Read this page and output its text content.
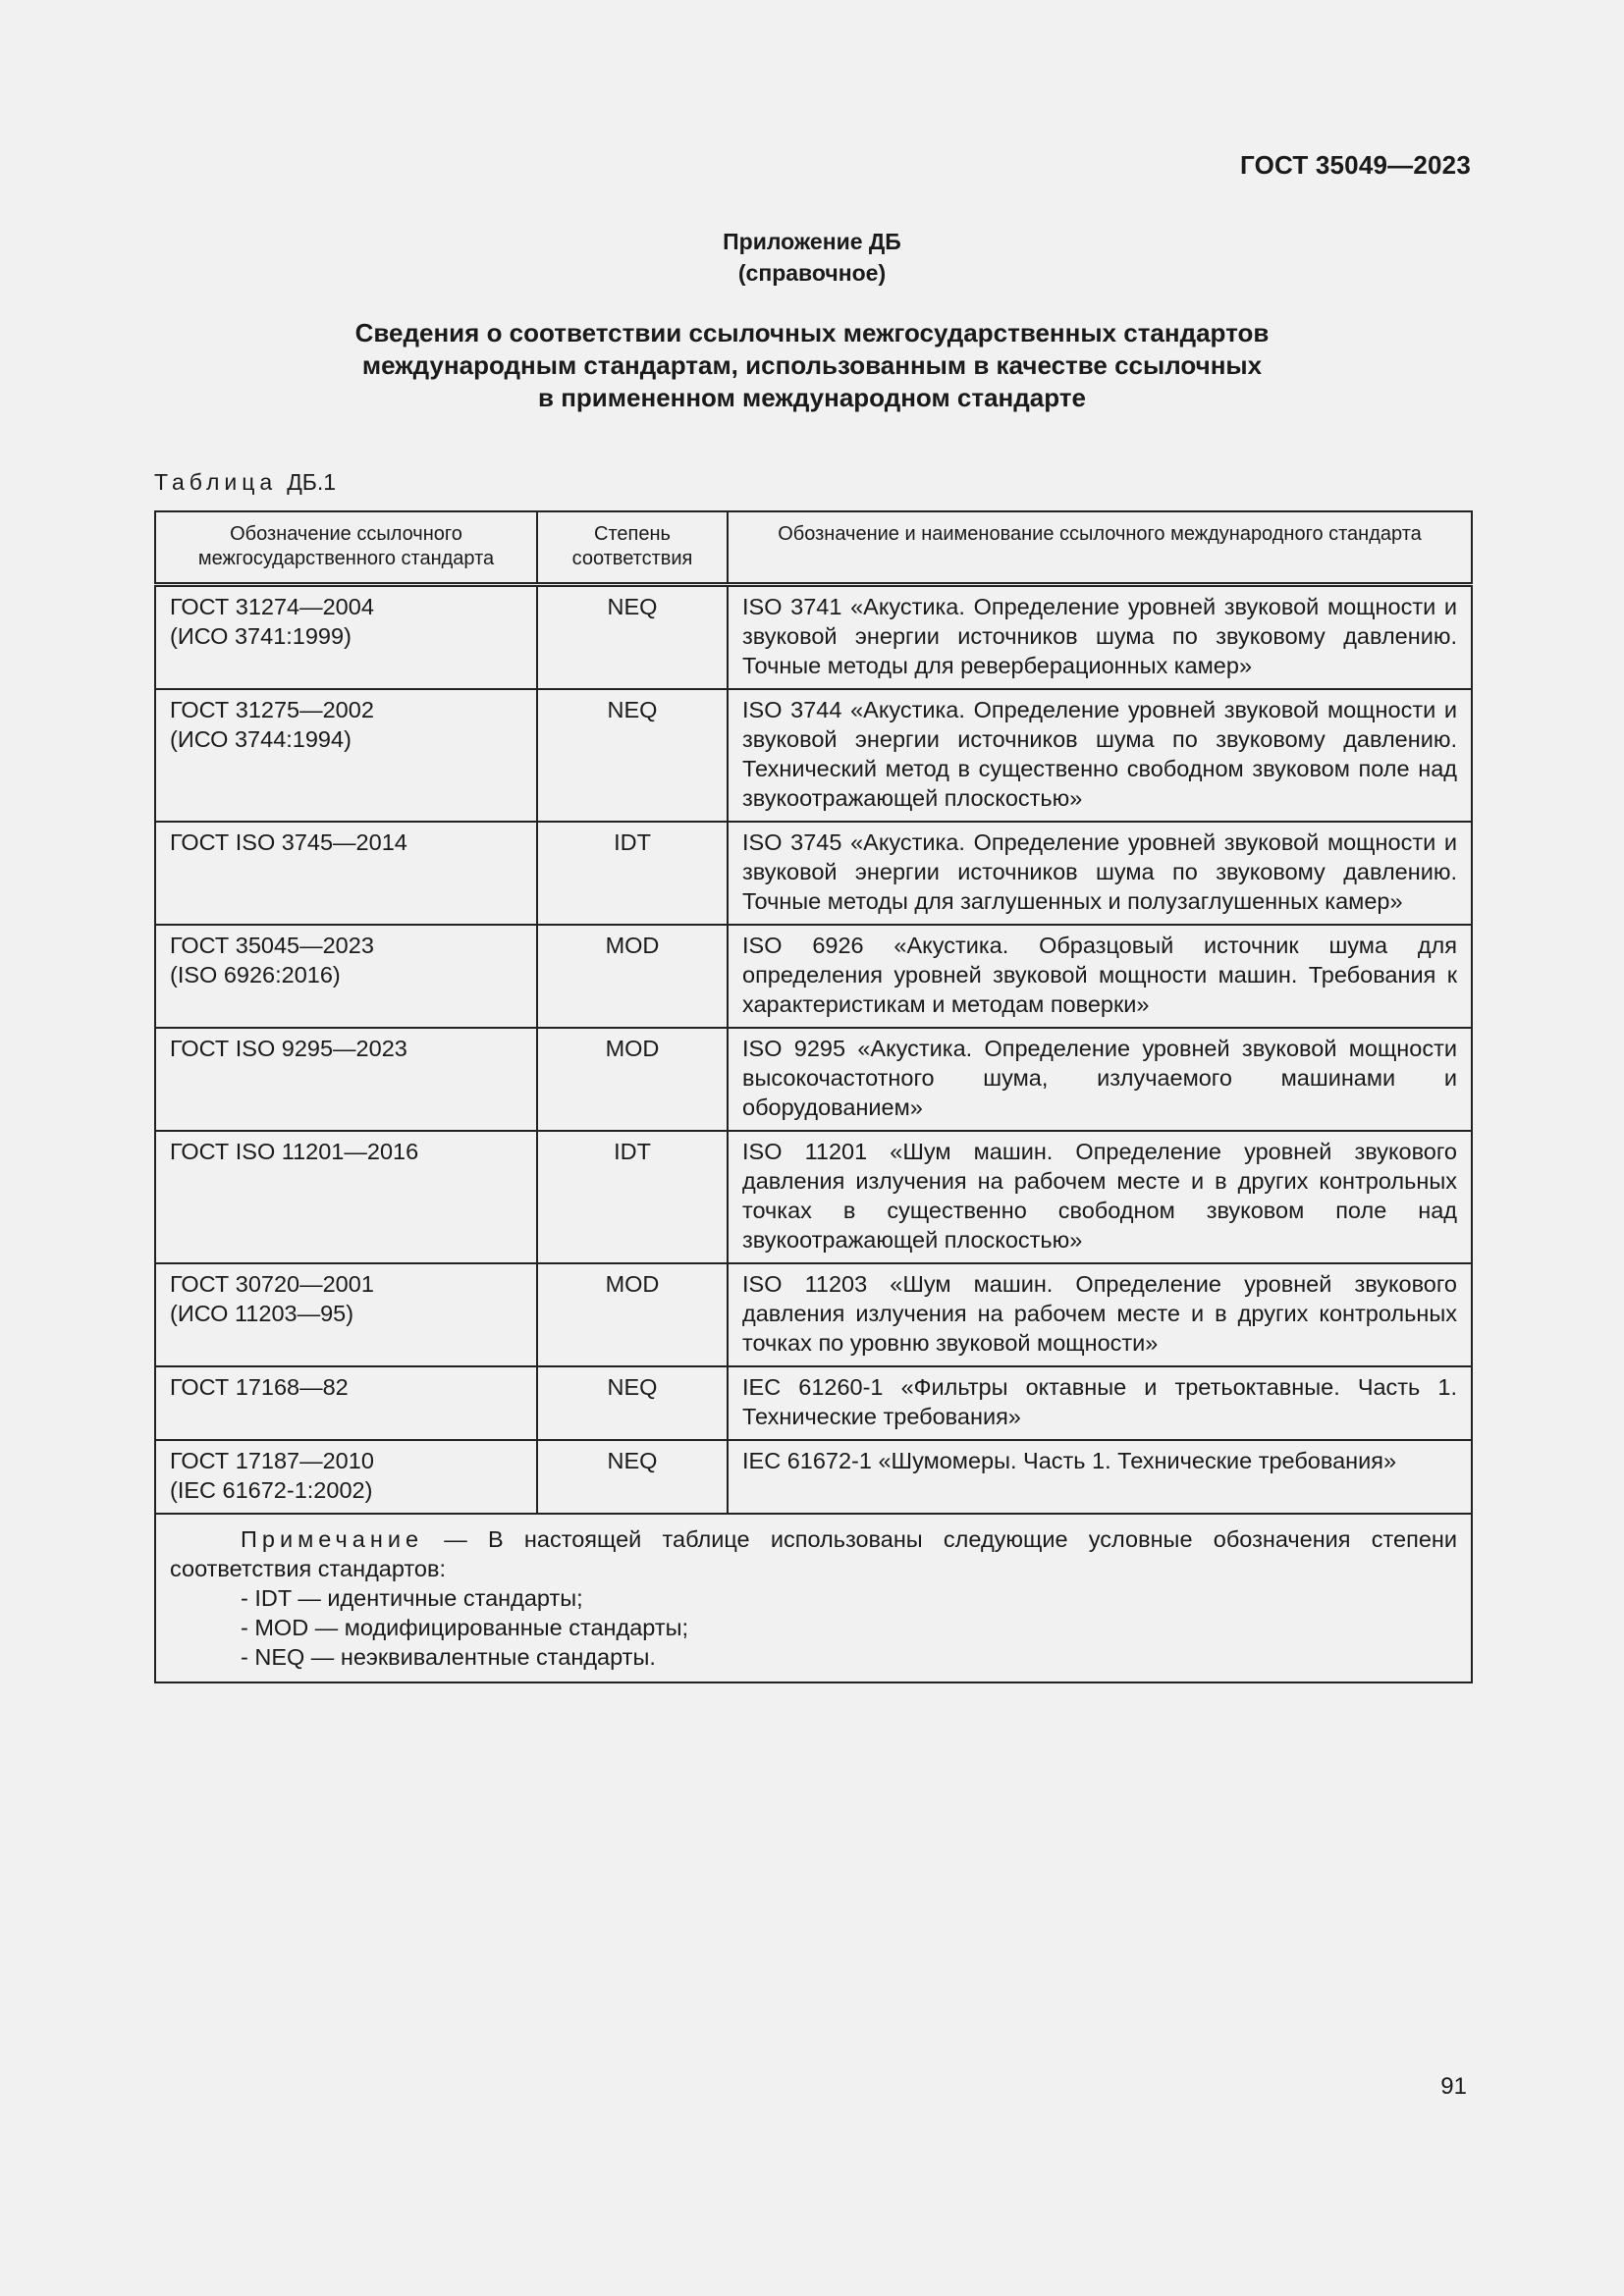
ГОСТ 35049—2023
Приложение ДБ
(справочное)
Сведения о соответствии ссылочных межгосударственных стандартов
международным стандартам, использованным в качестве ссылочных
в примененном международном стандарте
Таблица ДБ.1
Обозначение ссылочного межгосударственного стандарта	Степень соответствия	Обозначение и наименование ссылочного международного стандарта
ГОСТ 31274—2004
(ИСО 3741:1999)	NEQ	ISO 3741 «Акустика. Определение уровней звуковой мощности и звуковой энергии источников шума по звуковому давлению. Точные методы для реверберационных камер»
ГОСТ 31275—2002
(ИСО 3744:1994)	NEQ	ISO 3744 «Акустика. Определение уровней звуковой мощности и звуковой энергии источников шума по звуковому давлению. Технический метод в существенно свободном звуковом поле над звукоотражающей плоскостью»
ГОСТ ISO 3745—2014	IDT	ISO 3745 «Акустика. Определение уровней звуковой мощности и звуковой энергии источников шума по звуковому давлению. Точные методы для заглушенных и полузаглушенных камер»
ГОСТ 35045—2023
(ISO 6926:2016)	MOD	ISO 6926 «Акустика. Образцовый источник шума для определения уровней звуковой мощности машин. Требования к характеристикам и методам поверки»
ГОСТ ISO 9295—2023	MOD	ISO 9295 «Акустика. Определение уровней звуковой мощности высокочастотного шума, излучаемого машинами и оборудованием»
ГОСТ ISO 11201—2016	IDT	ISO 11201 «Шум машин. Определение уровней звукового давления излучения на рабочем месте и в других контрольных точках в существенно свободном звуковом поле над звукоотражающей плоскостью»
ГОСТ 30720—2001
(ИСО 11203—95)	MOD	ISO 11203 «Шум машин. Определение уровней звукового давления излучения на рабочем месте и в других контрольных точках по уровню звуковой мощности»
ГОСТ 17168—82	NEQ	IEC 61260-1 «Фильтры октавные и третьоктавные. Часть 1. Технические требования»
ГОСТ 17187—2010
(IEC 61672-1:2002)	NEQ	IEC 61672-1 «Шумомеры. Часть 1. Технические требования»

Примечание — В настоящей таблице использованы следующие условные обозначения степени соответствия стандартов:
- IDT — идентичные стандарты;
- MOD — модифицированные стандарты;
- NEQ — неэквивалентные стандарты.		
91
